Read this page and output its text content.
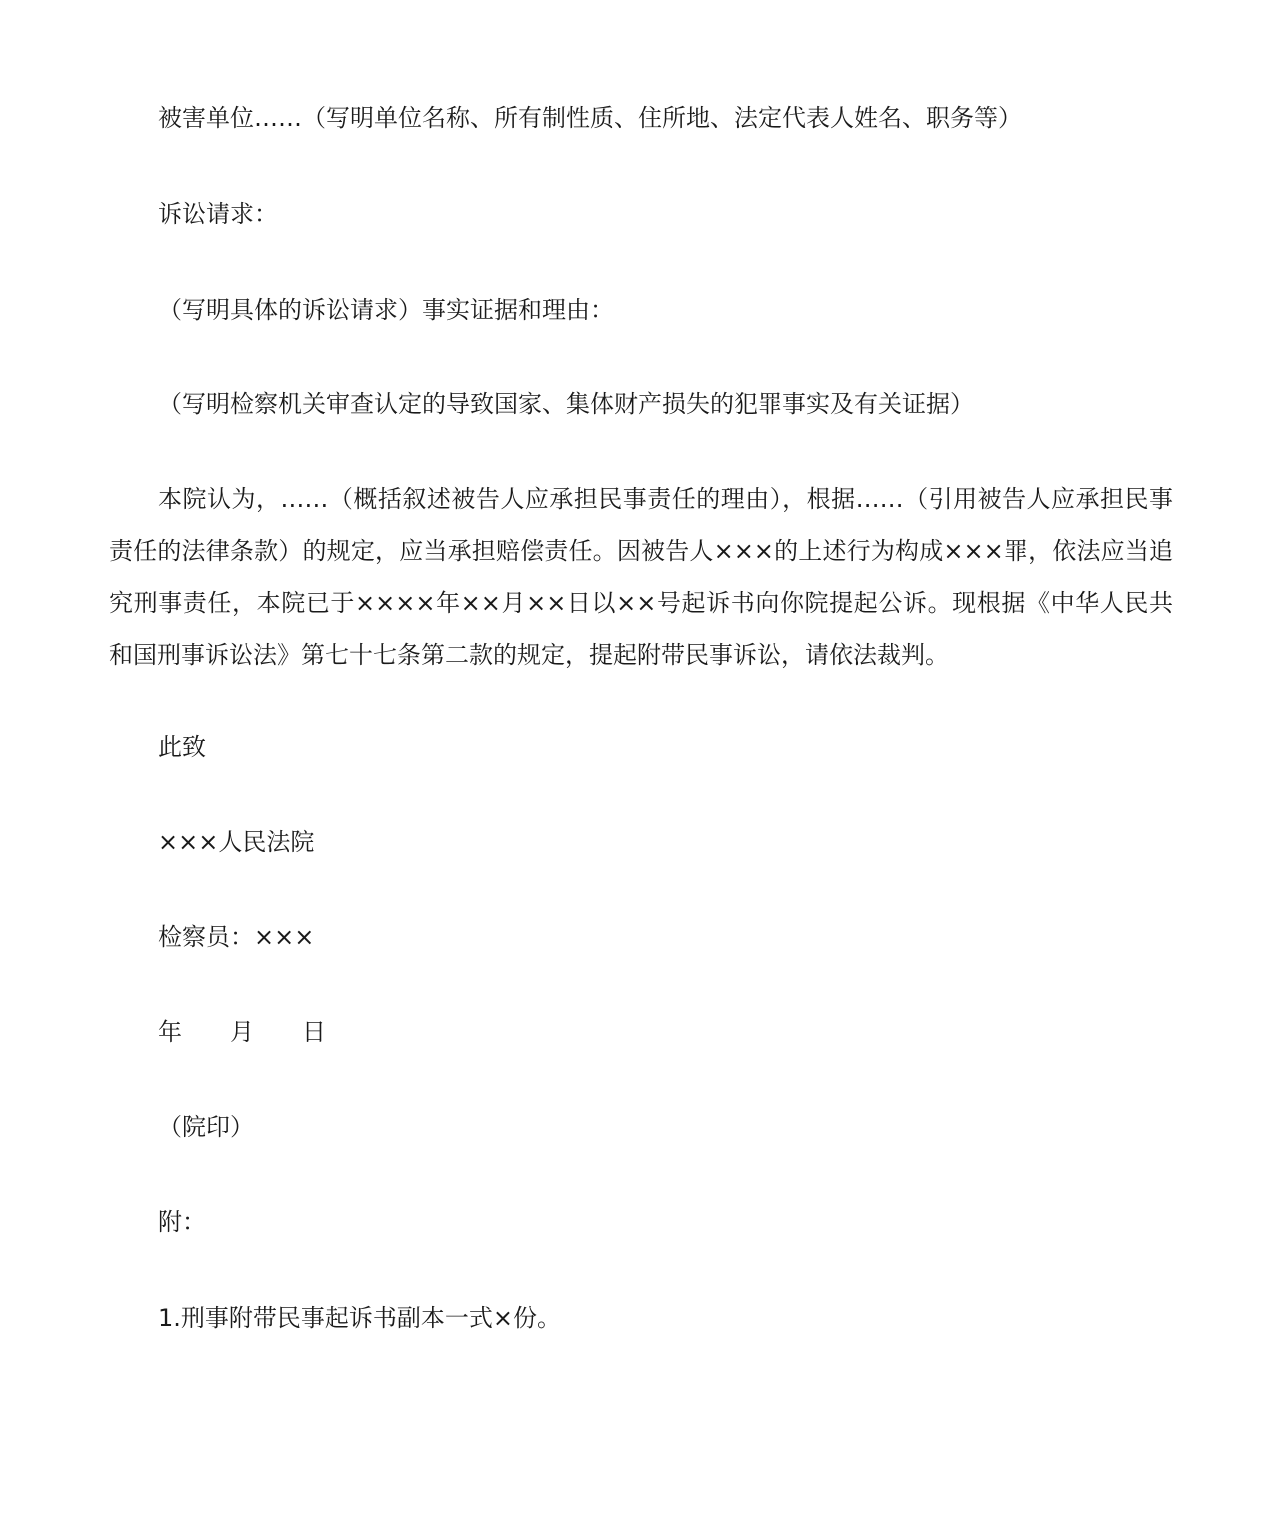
被害单位……（写明单位名称、所有制性质、住所地、法定代表人姓名、职务等）
诉讼请求：
（写明具体的诉讼请求）事实证据和理由：
（写明检察机关审查认定的导致国家、集体财产损失的犯罪事实及有关证据）
本院认为，……（概括叙述被告人应承担民事责任的理由），根据……（引用被告人应承担民事责任的法律条款）的规定，应当承担赔偿责任。因被告人×××的上述行为构成×××罪，依法应当追究刑事责任，本院已于××××年××月××日以××号起诉书向你院提起公诉。现根据《中华人民共和国刑事诉讼法》第七十七条第二款的规定，提起附带民事诉讼，请依法裁判。
此致
×××人民法院
检察员：×××
年 月 日
（院印）
附：
1.刑事附带民事起诉书副本一式×份。
